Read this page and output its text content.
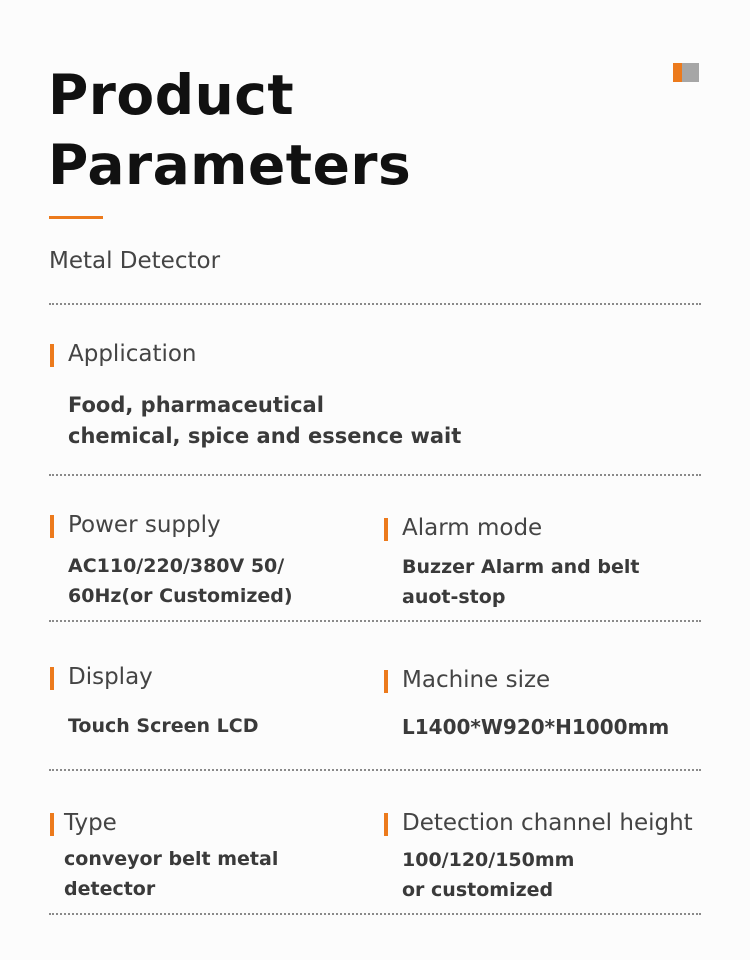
Product
Parameters
Metal Detector
Application
Food, pharmaceutical
chemical, spice and essence wait
Power supply
AC110/220/380V 50/
60Hz(or Customized)
Alarm mode
Buzzer Alarm and belt
auot-stop
Display
Touch Screen LCD
Machine size
L1400*W920*H1000mm
Type
conveyor belt metal
detector
Detection channel height
100/120/150mm
or customized
